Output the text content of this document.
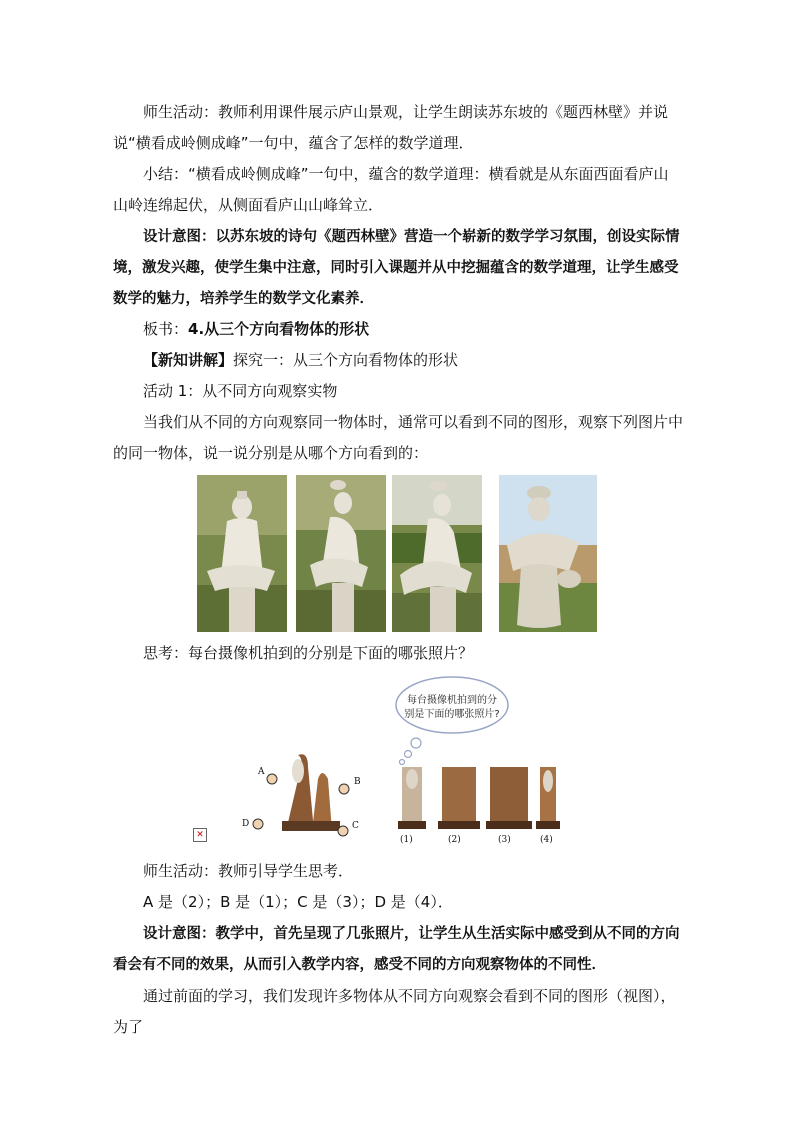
师生活动：教师利用课件展示庐山景观，让学生朗读苏东坡的《题西林壁》并说说“横看成岭侧成峰”一句中，蕴含了怎样的数学道理．

小结：“横看成岭侧成峰”一句中，蕴含的数学道理：横看就是从东面西面看庐山山岭连绵起伏，从侧面看庐山山峰耸立．

设计意图：以苏东坡的诗句《题西林壁》营造一个崭新的数学学习氛围，创设实际情境，激发兴趣，使学生集中注意，同时引入课题并从中挖掘蕴含的数学道理，让学生感受数学的魅力，培养学生的数学文化素养．

板书：4.从三个方向看物体的形状

【新知讲解】探究一：从三个方向看物体的形状

活动 1：从不同方向观察实物

当我们从不同的方向观察同一物体时，通常可以看到不同的图形，观察下列图片中的同一物体，说一说分别是从哪个方向看到的：

思考：每台摄像机拍到的分别是下面的哪张照片？

每台摄像机拍到的分
别是下面的哪张照片?
A
B
C
D
(1)	(2)	(3)	(4)
✕

师生活动：教师引导学生思考．

A 是（2）；B 是（1）；C 是（3）；D 是（4）．

设计意图：教学中，首先呈现了几张照片，让学生从生活实际中感受到从不同的方向看会有不同的效果，从而引入教学内容，感受不同的方向观察物体的不同性．

通过前面的学习，我们发现许多物体从不同方向观察会看到不同的图形（视图），为了
